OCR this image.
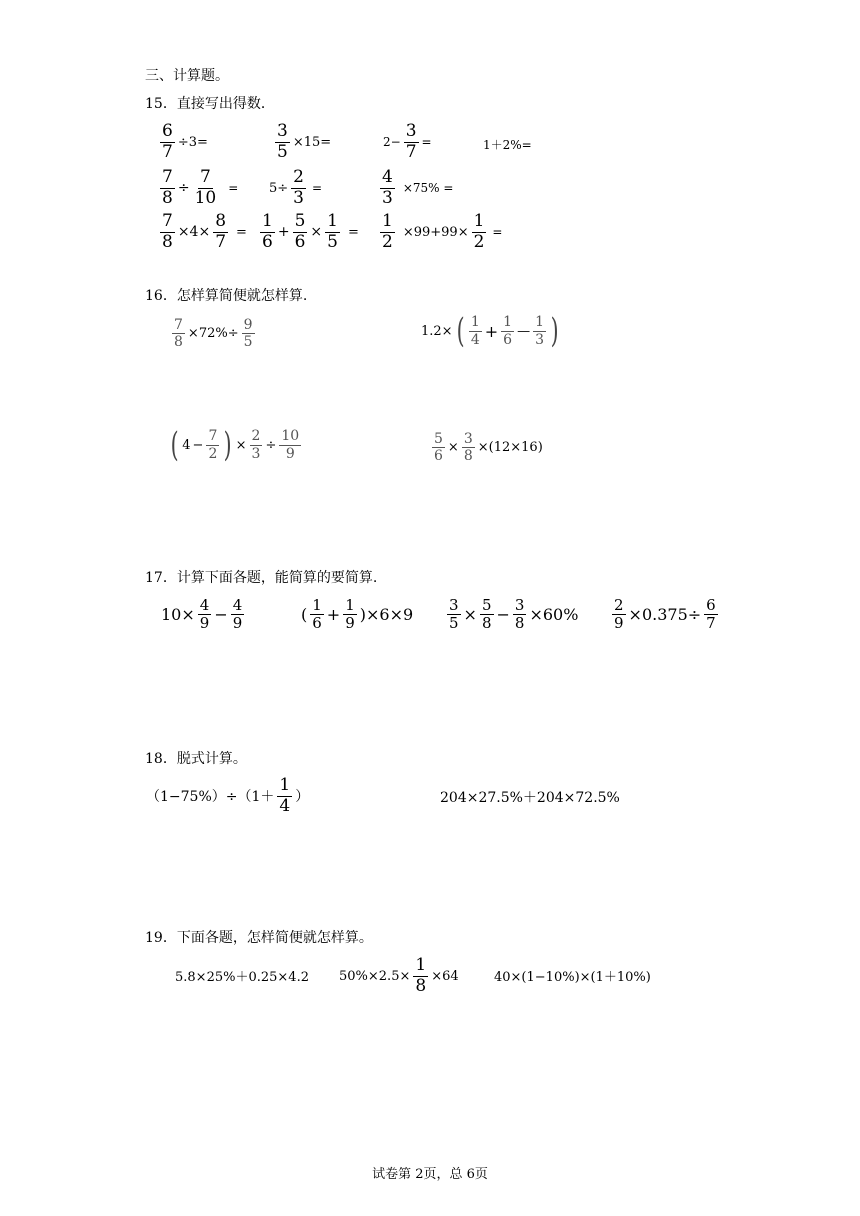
三、计算题。
15．直接写出得数．
$\frac{6}{7} \div 3=$	$\frac{3}{5} \times 15=$	$2- \frac{3}{7}$ =	1＋2%=
$\frac{7}{8} \div \frac{7}{10} = 5\div \frac{2}{3}$ =	$\frac{4}{3} \times 75\%$ =
$\frac{7}{8} \times 4\times \frac{8}{7} = \frac{1}{6} + \frac{5}{6} \times \frac{1}{5} = \frac{1}{2} \times 99+99\times \frac{1}{2}$ =
16．怎样算简便就怎样算.
$\frac{7}{8} \times 72\%\div \frac{9}{5}$	1.2× ( $\frac{1}{4} + \frac{1}{6}$ — $\frac{1}{3}$ )
( $4 - \frac{7}{2}$ ) × $\frac{2}{3} \div \frac{10}{9}$	$\frac{5}{6} \times \frac{3}{8} \times(12\times 16)$
17．计算下面各题，能简算的要简算.
$10\times \frac{4}{9} - \frac{4}{9}$	( $\frac{1}{6} + \frac{1}{9} )\times 6\times 9 \frac{3}{5} \times \frac{5}{8} - \frac{3}{8} \times 60\% \frac{2}{9} \times 0.375\div \frac{6}{7}$
18．脱式计算。
$(1-75\%)\div(1+ \frac{1}{4}$ ）	204×27.5%＋204×72.5%
19．下面各题，怎样简便就怎样算。
5.8×25%＋0.25×4.2 $50\%\times 2.5\times \frac{1}{8} \times 64$	40×(1−10%)×(1＋10%)
试卷第 2页，总 6页
